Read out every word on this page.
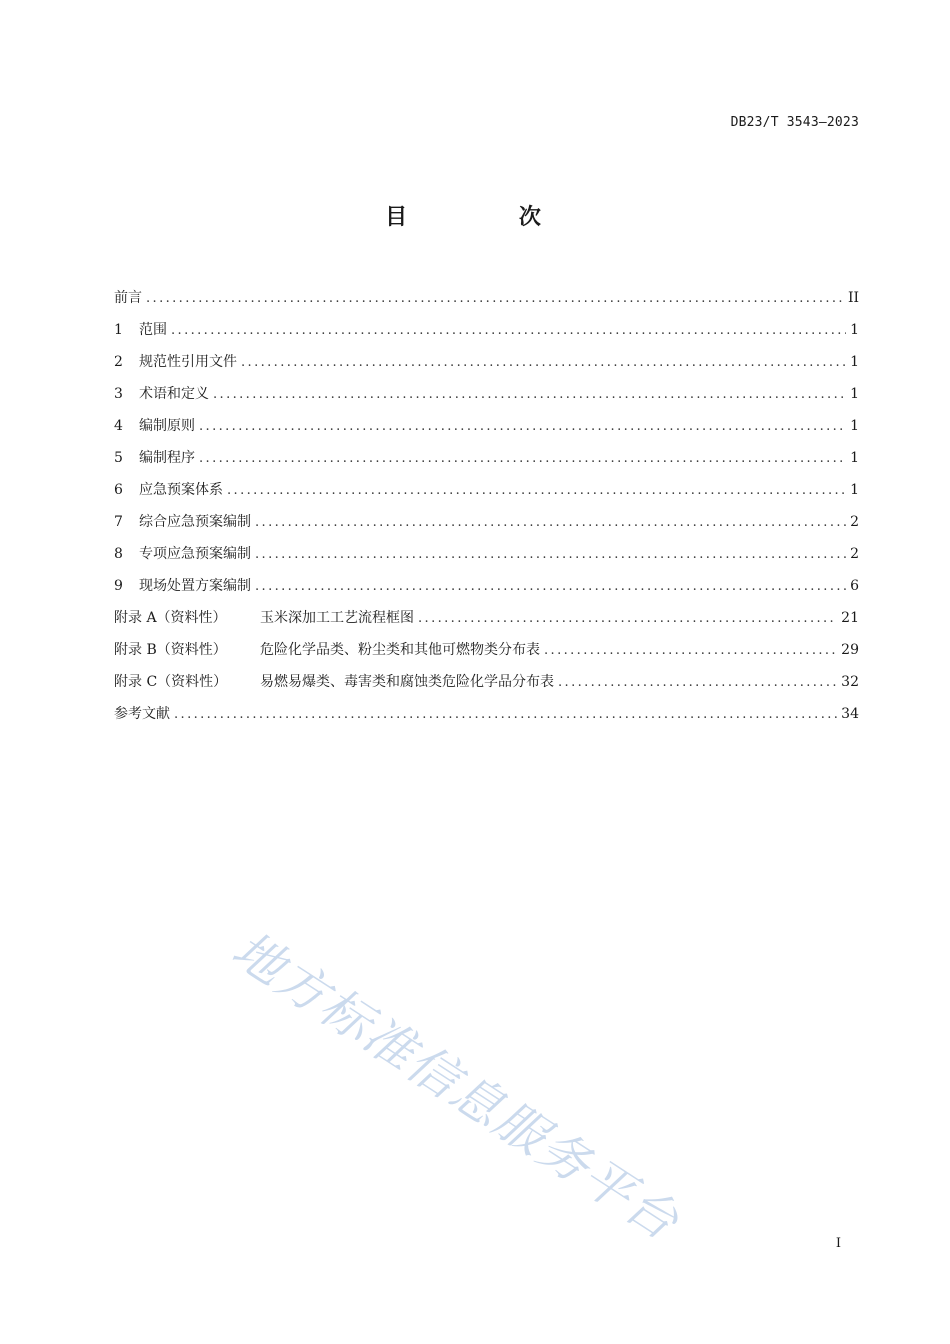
DB23/T 3543—2023
目 次
前言 .....	II
1 范围 .....	1
2 规范性引用文件 .....	1
3 术语和定义 .....	1
4 编制原则 .....	1
5 编制程序 .....	1
6 应急预案体系 .....	1
7 综合应急预案编制 .....	2
8 专项应急预案编制 .....	2
9 现场处置方案编制 .....	6
附录 A（资料性） 玉米深加工工艺流程框图 .....	21
附录 B（资料性） 危险化学品类、粉尘类和其他可燃物类分布表 .....	29
附录 C（资料性） 易燃易爆类、毒害类和腐蚀类危险化学品分布表 .....	32
参考文献 .....	34
地方标准信息服务平台	I
